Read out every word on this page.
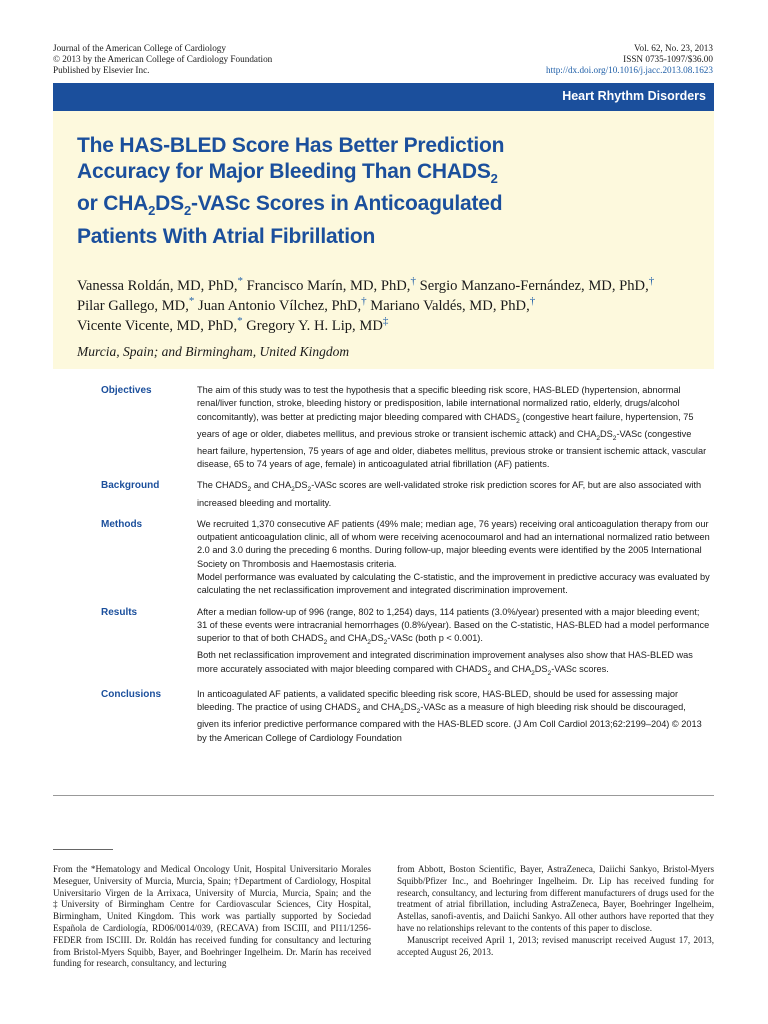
Journal of the American College of Cardiology
© 2013 by the American College of Cardiology Foundation
Published by Elsevier Inc.
Vol. 62, No. 23, 2013
ISSN 0735-1097/$36.00
http://dx.doi.org/10.1016/j.jacc.2013.08.1623
Heart Rhythm Disorders
The HAS-BLED Score Has Better Prediction
Accuracy for Major Bleeding Than $CHADS_2$
or $CHA_2DS_2$-VASc Scores in Anticoagulated
Patients With Atrial Fibrillation
Vanessa Roldán, MD, PhD,* Francisco Marín, MD, PhD,† Sergio Manzano-Fernández, MD, PhD,†
Pilar Gallego, MD,* Juan Antonio Vílchez, PhD,† Mariano Valdés, MD, PhD,†
Vicente Vicente, MD, PhD,* Gregory Y. H. Lip, MD‡
Murcia, Spain; and Birmingham, United Kingdom
Objectives	The aim of this study was to test the hypothesis that a specific bleeding risk score, HAS-BLED (hypertension, abnormal renal/liver function, stroke, bleeding history or predisposition, labile international normalized ratio, elderly, drugs/alcohol concomitantly), was better at predicting major bleeding compared with $CHADS_2$ (congestive heart failure, hypertension, 75 years of age or older, diabetes mellitus, and previous stroke or transient ischemic attack) and $CHA_2DS_2$-VASc (congestive heart failure, hypertension, 75 years of age and older, diabetes mellitus, previous stroke or transient ischemic attack, vascular disease, 65 to 74 years of age, female) in anticoagulated atrial fibrillation (AF) patients.
Background	The $CHADS_2$ and $CHA_2DS_2$-VASc scores are well-validated stroke risk prediction scores for AF, but are also associated with increased bleeding and mortality.
Methods	We recruited 1,370 consecutive AF patients (49% male; median age, 76 years) receiving oral anticoagulation therapy from our outpatient anticoagulation clinic, all of whom were receiving acenocoumarol and had an international normalized ratio between 2.0 and 3.0 during the preceding 6 months. During follow-up, major bleeding events were identified by the 2005 International Society on Thrombosis and Haemostasis criteria.

Model performance was evaluated by calculating the C-statistic, and the improvement in predictive accuracy was evaluated by calculating the net reclassification improvement and integrated discrimination improvement.

Results	After a median follow-up of 996 (range, 802 to 1,254) days, 114 patients (3.0%/year) presented with a major bleeding event; 31 of these events were intracranial hemorrhages (0.8%/year). Based on the C-statistic, HAS-BLED had a model performance superior to that of both $CHADS_2$ and $CHA_2DS_2$-VASc (both p < 0.001).

Both net reclassification improvement and integrated discrimination improvement analyses also show that HAS-BLED was more accurately associated with major bleeding compared with $CHADS_2$ and $CHA_2DS_2$-VASc scores.

Conclusions	In anticoagulated AF patients, a validated specific bleeding risk score, HAS-BLED, should be used for assessing major bleeding. The practice of using $CHADS_2$ and $CHA_2DS_2$-VASc as a measure of high bleeding risk should be discouraged, given its inferior predictive performance compared with the HAS-BLED score. (J Am Coll Cardiol 2013;62:2199–204) © 2013 by the American College of Cardiology Foundation

From the *Hematology and Medical Oncology Unit, Hospital Universitario Morales Meseguer, University of Murcia, Murcia, Spain; †Department of Cardiology, Hospital Universitario Virgen de la Arrixaca, University of Murcia, Murcia, Spain; and the ‡University of Birmingham Centre for Cardiovascular Sciences, City Hospital, Birmingham, United Kingdom. This work was partially supported by Sociedad Española de Cardiología, RD06/0014/039, (RECAVA) from ISCIII, and PI11/1256-FEDER from ISCIII. Dr. Roldán has received funding for consultancy and lecturing from Bristol-Myers Squibb, Bayer, and Boehringer Ingelheim. Dr. Marín has received funding for research, consultancy, and lecturing

from Abbott, Boston Scientific, Bayer, AstraZeneca, Daiichi Sankyo, Bristol-Myers Squibb/Pfizer Inc., and Boehringer Ingelheim. Dr. Lip has received funding for research, consultancy, and lecturing from different manufacturers of drugs used for the treatment of atrial fibrillation, including AstraZeneca, Bayer, Boehringer Ingelheim, Astellas, sanofi-aventis, and Daiichi Sankyo. All other authors have reported that they have no relationships relevant to the contents of this paper to disclose.

Manuscript received April 1, 2013; revised manuscript received August 17, 2013, accepted August 26, 2013.
